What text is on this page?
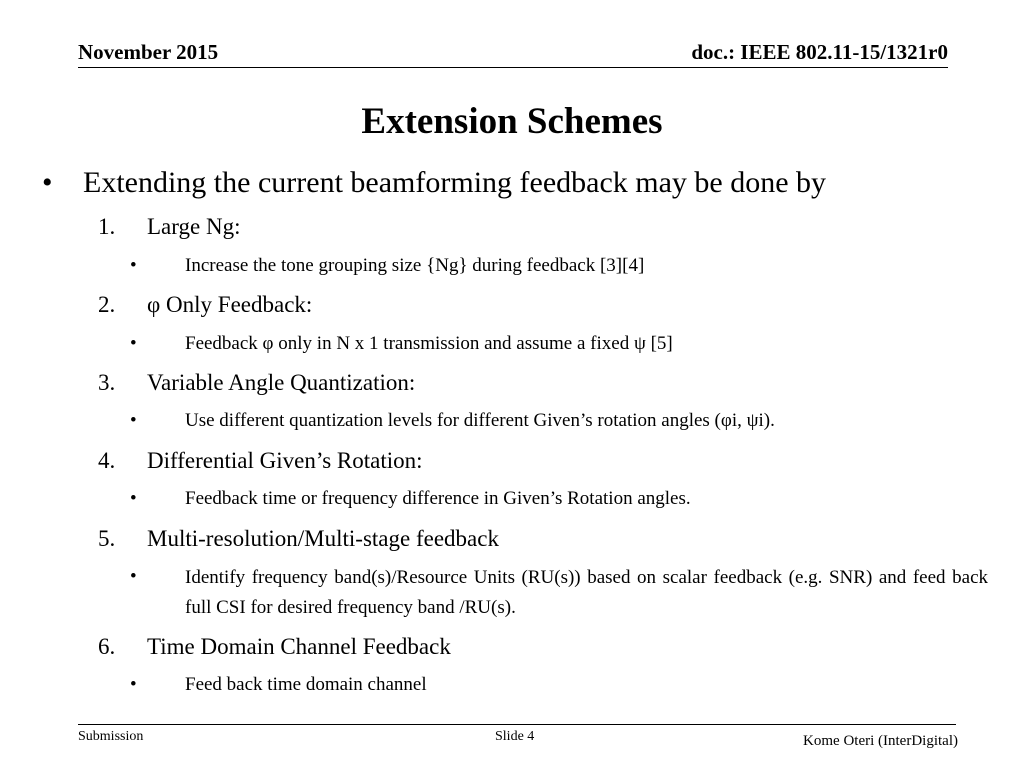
November 2015	doc.: IEEE 802.11-15/1321r0
Extension Schemes
• Extending the current beamforming feedback may be done by
1. Large Ng:
•	Increase the tone grouping size {Ng} during feedback [3][4]
2. φ Only Feedback:
•	Feedback φ only in N x 1 transmission and assume a fixed ψ [5]
3. Variable Angle Quantization:
•	Use different quantization levels for different Given’s rotation angles (φi, ψi).
4. Differential Given’s Rotation:
•	Feedback time or frequency difference in Given’s Rotation angles.
5. Multi-resolution/Multi-stage feedback
•	Identify frequency band(s)/Resource Units (RU(s)) based on scalar feedback (e.g. SNR) and feed back full CSI for desired frequency band /RU(s).
6. Time Domain Channel Feedback
•	Feed back time domain channel
Submission	Slide 4	Kome Oteri (InterDigital)
